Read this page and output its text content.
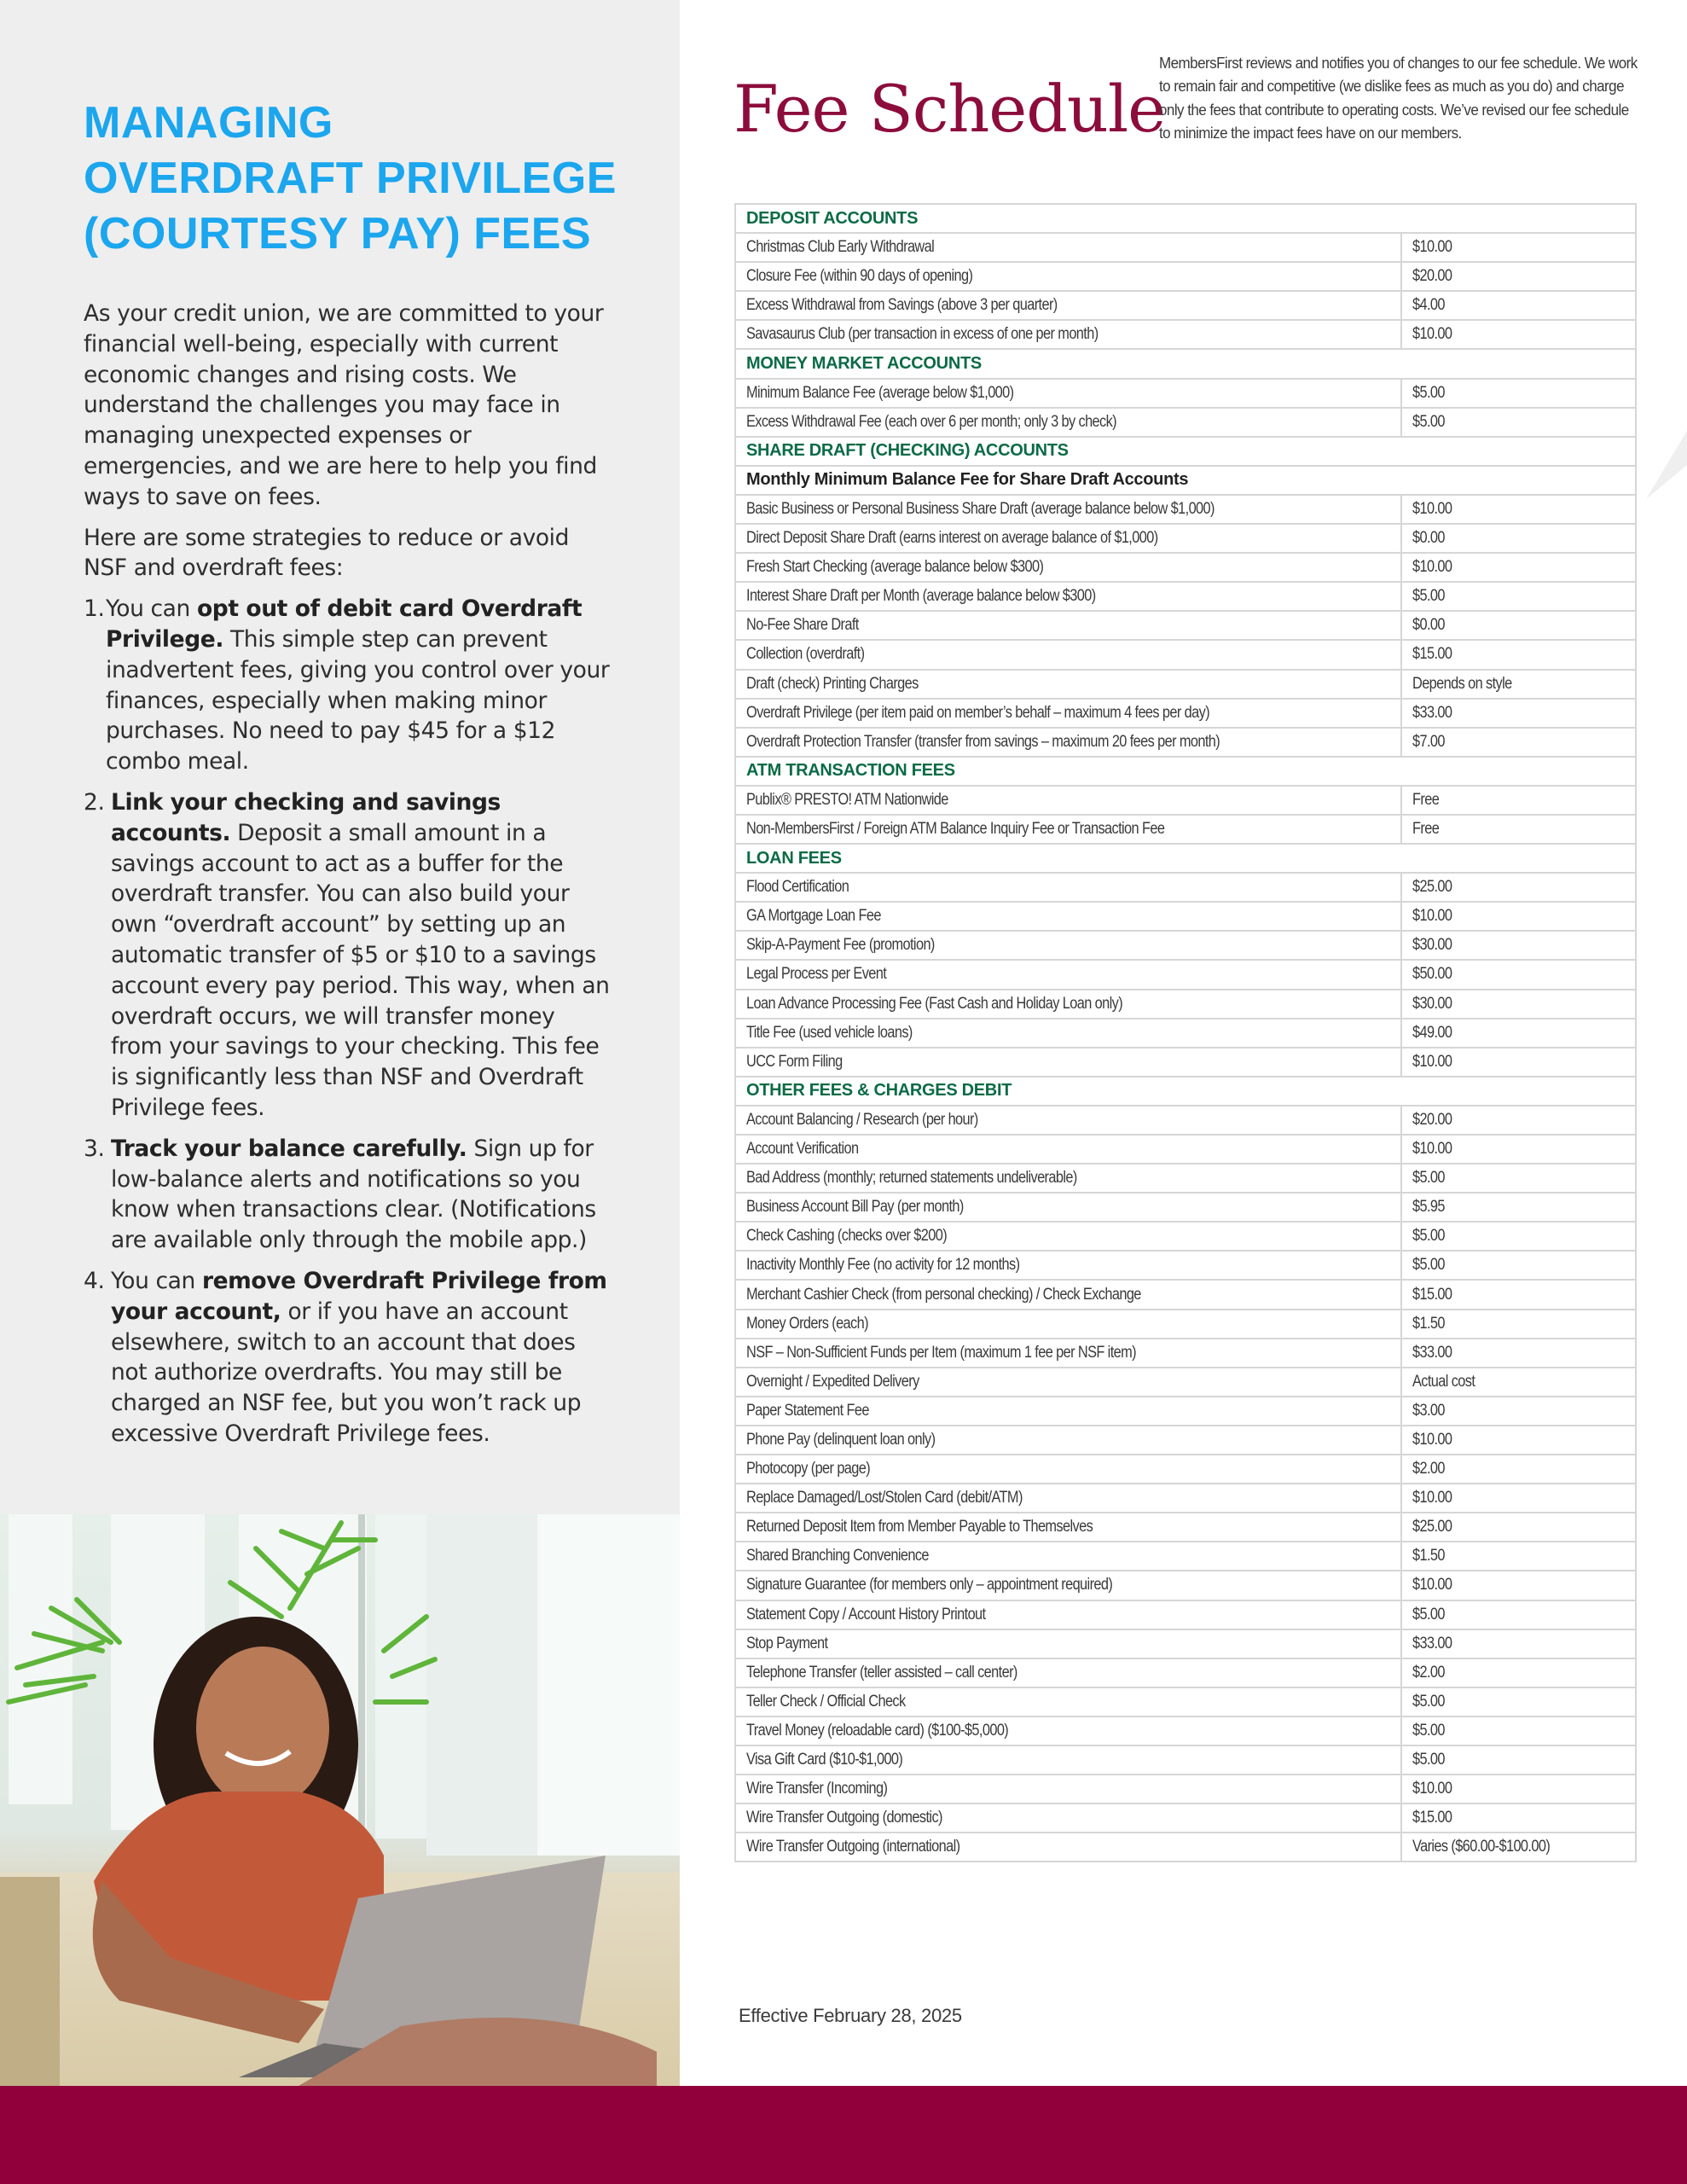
MANAGING
OVERDRAFT PRIVILEGE
(COURTESY PAY) FEES

As your credit union, we are committed to your financial well-being, especially with current economic changes and rising costs. We understand the challenges you may face in managing unexpected expenses or emergencies, and we are here to help you find ways to save on fees.

Here are some strategies to reduce or avoid NSF and overdraft fees:

1. You can opt out of debit card Overdraft Privilege. This simple step can prevent inadvertent fees, giving you control over your finances, especially when making minor purchases. No need to pay $45 for a $12 combo meal.
2. Link your checking and savings accounts. Deposit a small amount in a savings account to act as a buffer for the overdraft transfer. You can also build your own “overdraft account” by setting up an automatic transfer of $5 or $10 to a savings account every pay period. This way, when an overdraft occurs, we will transfer money from your savings to your checking. This fee is significantly less than NSF and Overdraft Privilege fees.
3. Track your balance carefully. Sign up for low-balance alerts and notifications so you know when transactions clear. (Notifications are available only through the mobile app.)
4. You can remove Overdraft Privilege from your account, or if you have an account elsewhere, switch to an account that does not authorize overdrafts. You may still be charged an NSF fee, but you won’t rack up excessive Overdraft Privilege fees.
Fee Schedule
MembersFirst reviews and notifies you of changes to our fee schedule. We work to remain fair and competitive (we dislike fees as much as you do) and charge only the fees that contribute to operating costs. We’ve revised our fee schedule to minimize the impact fees have on our members.
DEPOSIT ACCOUNTS	
Christmas Club Early Withdrawal	$10.00
Closure Fee (within 90 days of opening)	$20.00
Excess Withdrawal from Savings (above 3 per quarter)	$4.00
Savasaurus Club (per transaction in excess of one per month)	$10.00
MONEY MARKET ACCOUNTS	
Minimum Balance Fee (average below $1,000)	$5.00
Excess Withdrawal Fee (each over 6 per month; only 3 by check)	$5.00
SHARE DRAFT (CHECKING) ACCOUNTS	
Monthly Minimum Balance Fee for Share Draft Accounts	
Basic Business or Personal Business Share Draft (average balance below $1,000)	$10.00
Direct Deposit Share Draft (earns interest on average balance of $1,000)	$0.00
Fresh Start Checking (average balance below $300)	$10.00
Interest Share Draft per Month (average balance below $300)	$5.00
No-Fee Share Draft	$0.00
Collection (overdraft)	$15.00
Draft (check) Printing Charges	Depends on style
Overdraft Privilege (per item paid on member’s behalf – maximum 4 fees per day)	$33.00
Overdraft Protection Transfer (transfer from savings – maximum 20 fees per month)	$7.00
ATM TRANSACTION FEES	
Publix® PRESTO! ATM Nationwide	Free
Non-MembersFirst / Foreign ATM Balance Inquiry Fee or Transaction Fee	Free
LOAN FEES	
Flood Certification	$25.00
GA Mortgage Loan Fee	$10.00
Skip-A-Payment Fee (promotion)	$30.00
Legal Process per Event	$50.00
Loan Advance Processing Fee (Fast Cash and Holiday Loan only)	$30.00
Title Fee (used vehicle loans)	$49.00
UCC Form Filing	$10.00
OTHER FEES & CHARGES DEBIT	
Account Balancing / Research (per hour)	$20.00
Account Verification	$10.00
Bad Address (monthly; returned statements undeliverable)	$5.00
Business Account Bill Pay (per month)	$5.95
Check Cashing (checks over $200)	$5.00
Inactivity Monthly Fee (no activity for 12 months)	$5.00
Merchant Cashier Check (from personal checking) / Check Exchange	$15.00
Money Orders (each)	$1.50
NSF – Non-Sufficient Funds per Item (maximum 1 fee per NSF item)	$33.00
Overnight / Expedited Delivery	Actual cost
Paper Statement Fee	$3.00
Phone Pay (delinquent loan only)	$10.00
Photocopy (per page)	$2.00
Replace Damaged/Lost/Stolen Card (debit/ATM)	$10.00
Returned Deposit Item from Member Payable to Themselves	$25.00
Shared Branching Convenience	$1.50
Signature Guarantee (for members only – appointment required)	$10.00
Statement Copy / Account History Printout	$5.00
Stop Payment	$33.00
Telephone Transfer (teller assisted – call center)	$2.00
Teller Check / Official Check	$5.00
Travel Money (reloadable card) ($100-$5,000)	$5.00
Visa Gift Card ($10-$1,000)	$5.00
Wire Transfer (Incoming)	$10.00
Wire Transfer Outgoing (domestic)	$15.00
Wire Transfer Outgoing (international)	Varies ($60.00-$100.00)
Effective February 28, 2025
